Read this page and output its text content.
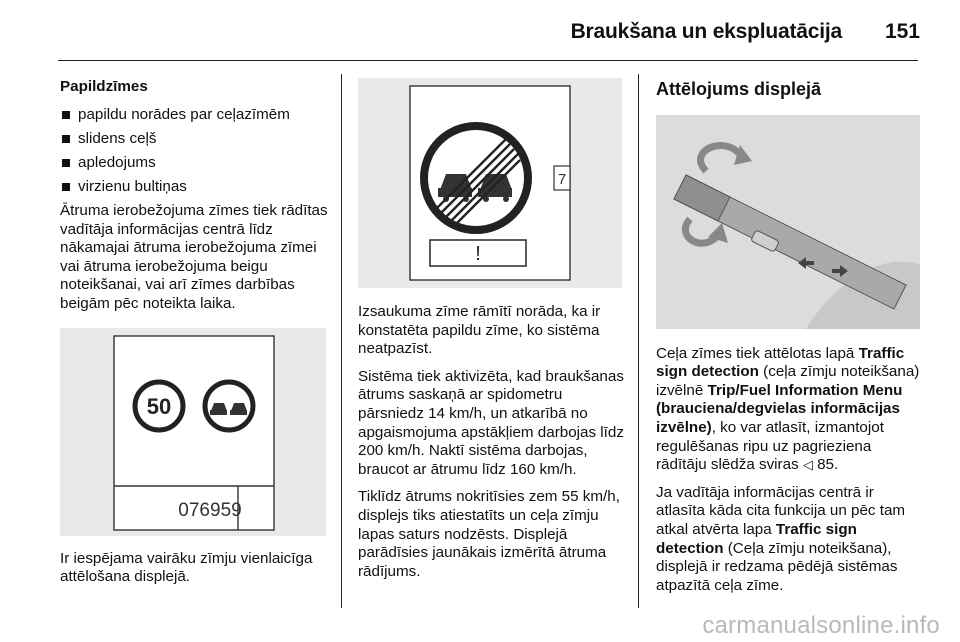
Braukšana un ekspluatācija 151

Papildzīmes

papildu norādes par ceļazīmēm
slidens ceļš
apledojums
virzienu bultiņas

Ātruma ierobežojuma zīmes tiek rādītas vadītāja informācijas centrā līdz nākamajai ātruma ierobežojuma zīmei vai ātruma ierobežojuma beigu noteikšanai, vai arī zīmes darbības beigām pēc noteikta laika.

50
076959

Ir iespējama vairāku zīmju vienlaicīga attēlošana displejā.

!
7

Izsaukuma zīme rāmītī norāda, ka ir konstatēta papildu zīme, ko sistēma neatpazīst.

Sistēma tiek aktivizēta, kad braukšanas ātrums saskaņā ar spidometru pārsniedz 14 km/h, un atkarībā no apgaismojuma apstākļiem darbojas līdz 200 km/h. Naktī sistēma darbojas, braucot ar ātrumu līdz 160 km/h.

Tiklīdz ātrums nokritīsies zem 55 km/h, displejs tiks atiestatīts un ceļa zīmju lapas saturs nodzēsts. Displejā parādīsies jaunākais izmērītā ātruma rādījums.

Attēlojums displejā

Ceļa zīmes tiek attēlotas lapā Traffic sign detection (ceļa zīmju noteikšana) izvēlnē Trip/Fuel Information Menu (brauciena/degvielas informācijas izvēlne), ko var atlasīt, izmantojot regulēšanas ripu uz pagrieziena rādītāju slēdža sviras ◁ 85.

Ja vadītāja informācijas centrā ir atlasīta kāda cita funkcija un pēc tam atkal atvērta lapa Traffic sign detection (Ceļa zīmju noteikšana), displejā ir redzama pēdējā sistēmas atpazītā ceļa zīme.

carmanualsonline.info
